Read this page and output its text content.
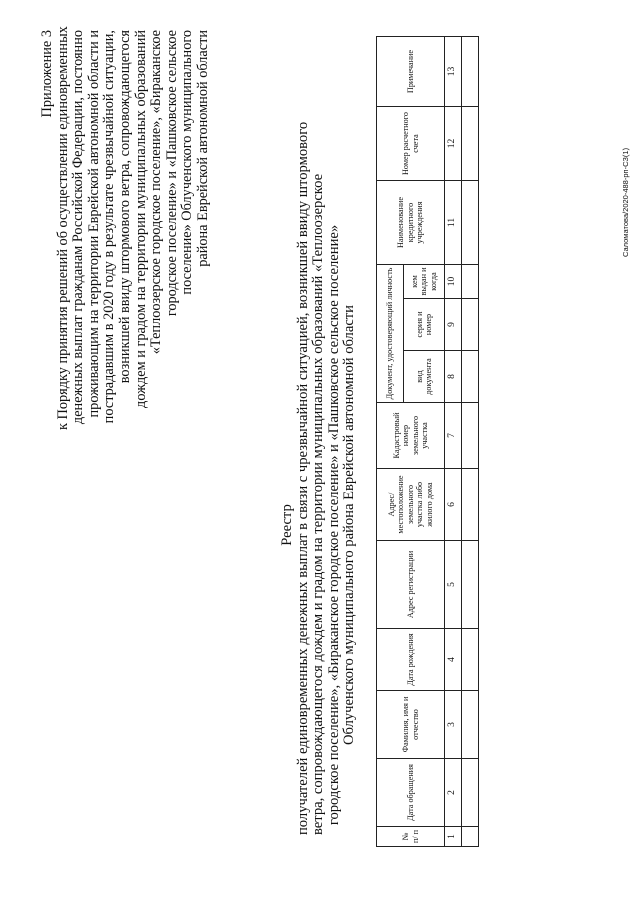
Приложение 3 к Порядку принятия решений об осуществлении единовременных денежных выплат гражданам Российской Федерации, постоянно проживающим на территории Еврейской автономной области и пострадавшим в 2020 году в результате чрезвычайной ситуации, возникшей ввиду штормового ветра, сопровождающегося дождем и градом на территории муниципальных образований «Теплоозерское городское поселение», «Бираканское городское поселение» и «Пашковское сельское поселение» Облученского муниципального района Еврейской автономной области
Реестр получателей единовременных денежных выплат в связи с чрезвычайной ситуацией, возникшей ввиду штормового ветра, сопровождающегося дождем и градом на территории муниципальных образований «Теплоозерское городское поселение», «Бираканское городское поселение» и «Пашковское сельское поселение» Облученского муниципального района Еврейской автономной области
№ п/ п	Дата обращения	Фамилия, имя и отчество	Дата рождения	Адрес регистрации	Адрес/ местоположение земельного участка либо жилого дома	Кадастровый номер земельного участка	Документ, удостоверяющий личность			Наименование кредитного учреждения	Номер расчетного счета	Примечание
							вид документа	серия и номер	кем выдан и когда			
1	2	3	4	5	6	7	8	9	10	11	12	13

Саломатова/2020-488-рп-СЗ(1)
